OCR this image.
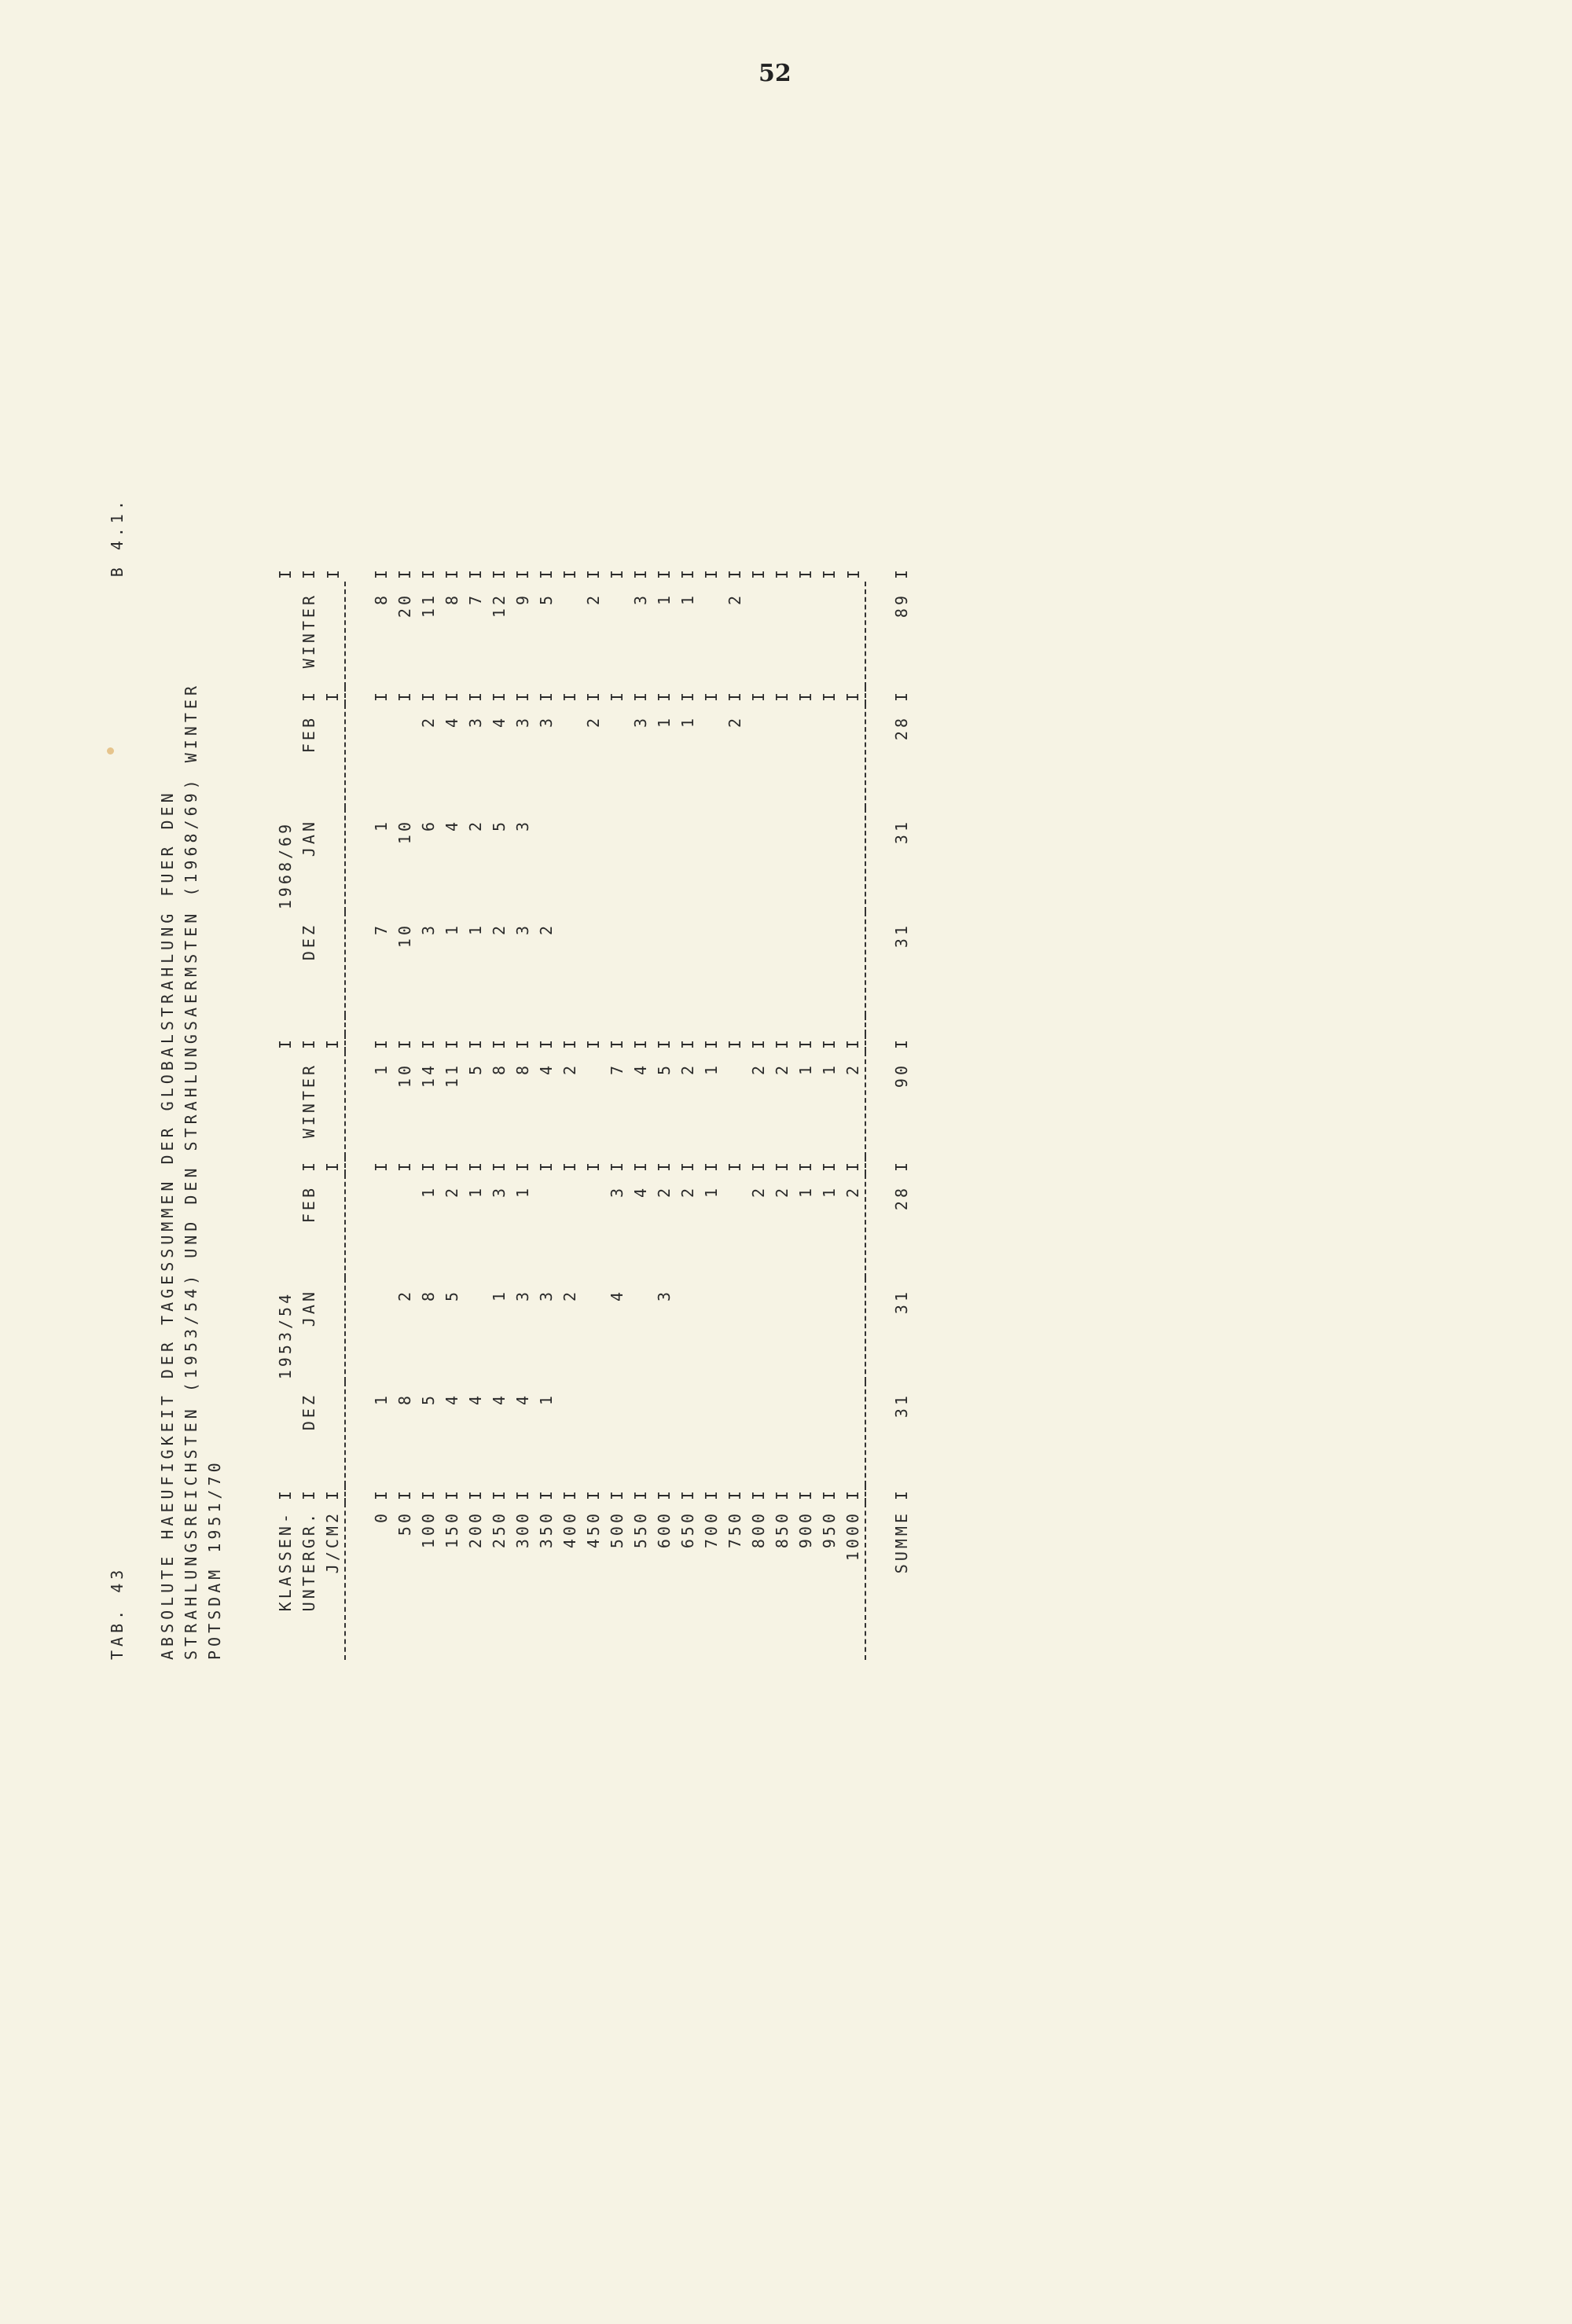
52
TAB. 43
B 4.1.
ABSOLUTE HAEUFIGKEIT DER TAGESSUMMEN DER GLOBALSTRAHLUNG FUER DEN STRAHLUNGSREICHSTEN (1953/54) UND DEN STRAHLUNGSAERMSTEN (1968/69) WINTER POTSDAM 1951/70	KLASSEN-	I	1953/54					I		1968/69					I
UNTERGR.	I	DEZ	JAN	FEB	I	WINTER	I		DEZ	JAN	FEB	I	WINTER	I
J/CM2	I				I		I					I		I

0	I	1			I	1	I		7	1		I	8	I
50	I	8	2		I	10	I		10	10		I	20	I
100	I	5	8	1	I	14	I		3	6	2	I	11	I
150	I	4	5	2	I	11	I		1	4	4	I	8	I
200	I	4		1	I	5	I		1	2	3	I	7	I
250	I	4	1	3	I	8	I		2	5	4	I	12	I
300	I	4	3	1	I	8	I		3	3	3	I	9	I
350	I	1	3		I	4	I		2		3	I	5	I
400	I		2		I	2	I					I		I
450	I				I		I				2	I	2	I
500	I		4	3	I	7	I					I		I
550	I			4	I	4	I				3	I	3	I
600	I		3	2	I	5	I				1	I	1	I
650	I			2	I	2	I				1	I	1	I
700	I			1	I	1	I					I		I
750	I				I		I				2	I	2	I
800	I			2	I	2	I					I		I
850	I			2	I	2	I					I		I
900	I			1	I	1	I					I		I
950	I			1	I	1	I					I		I
1000	I			2	I	2	I					I		I

SUMME	I	31	31	28	I	90	I		31	31	28	I	89	I
